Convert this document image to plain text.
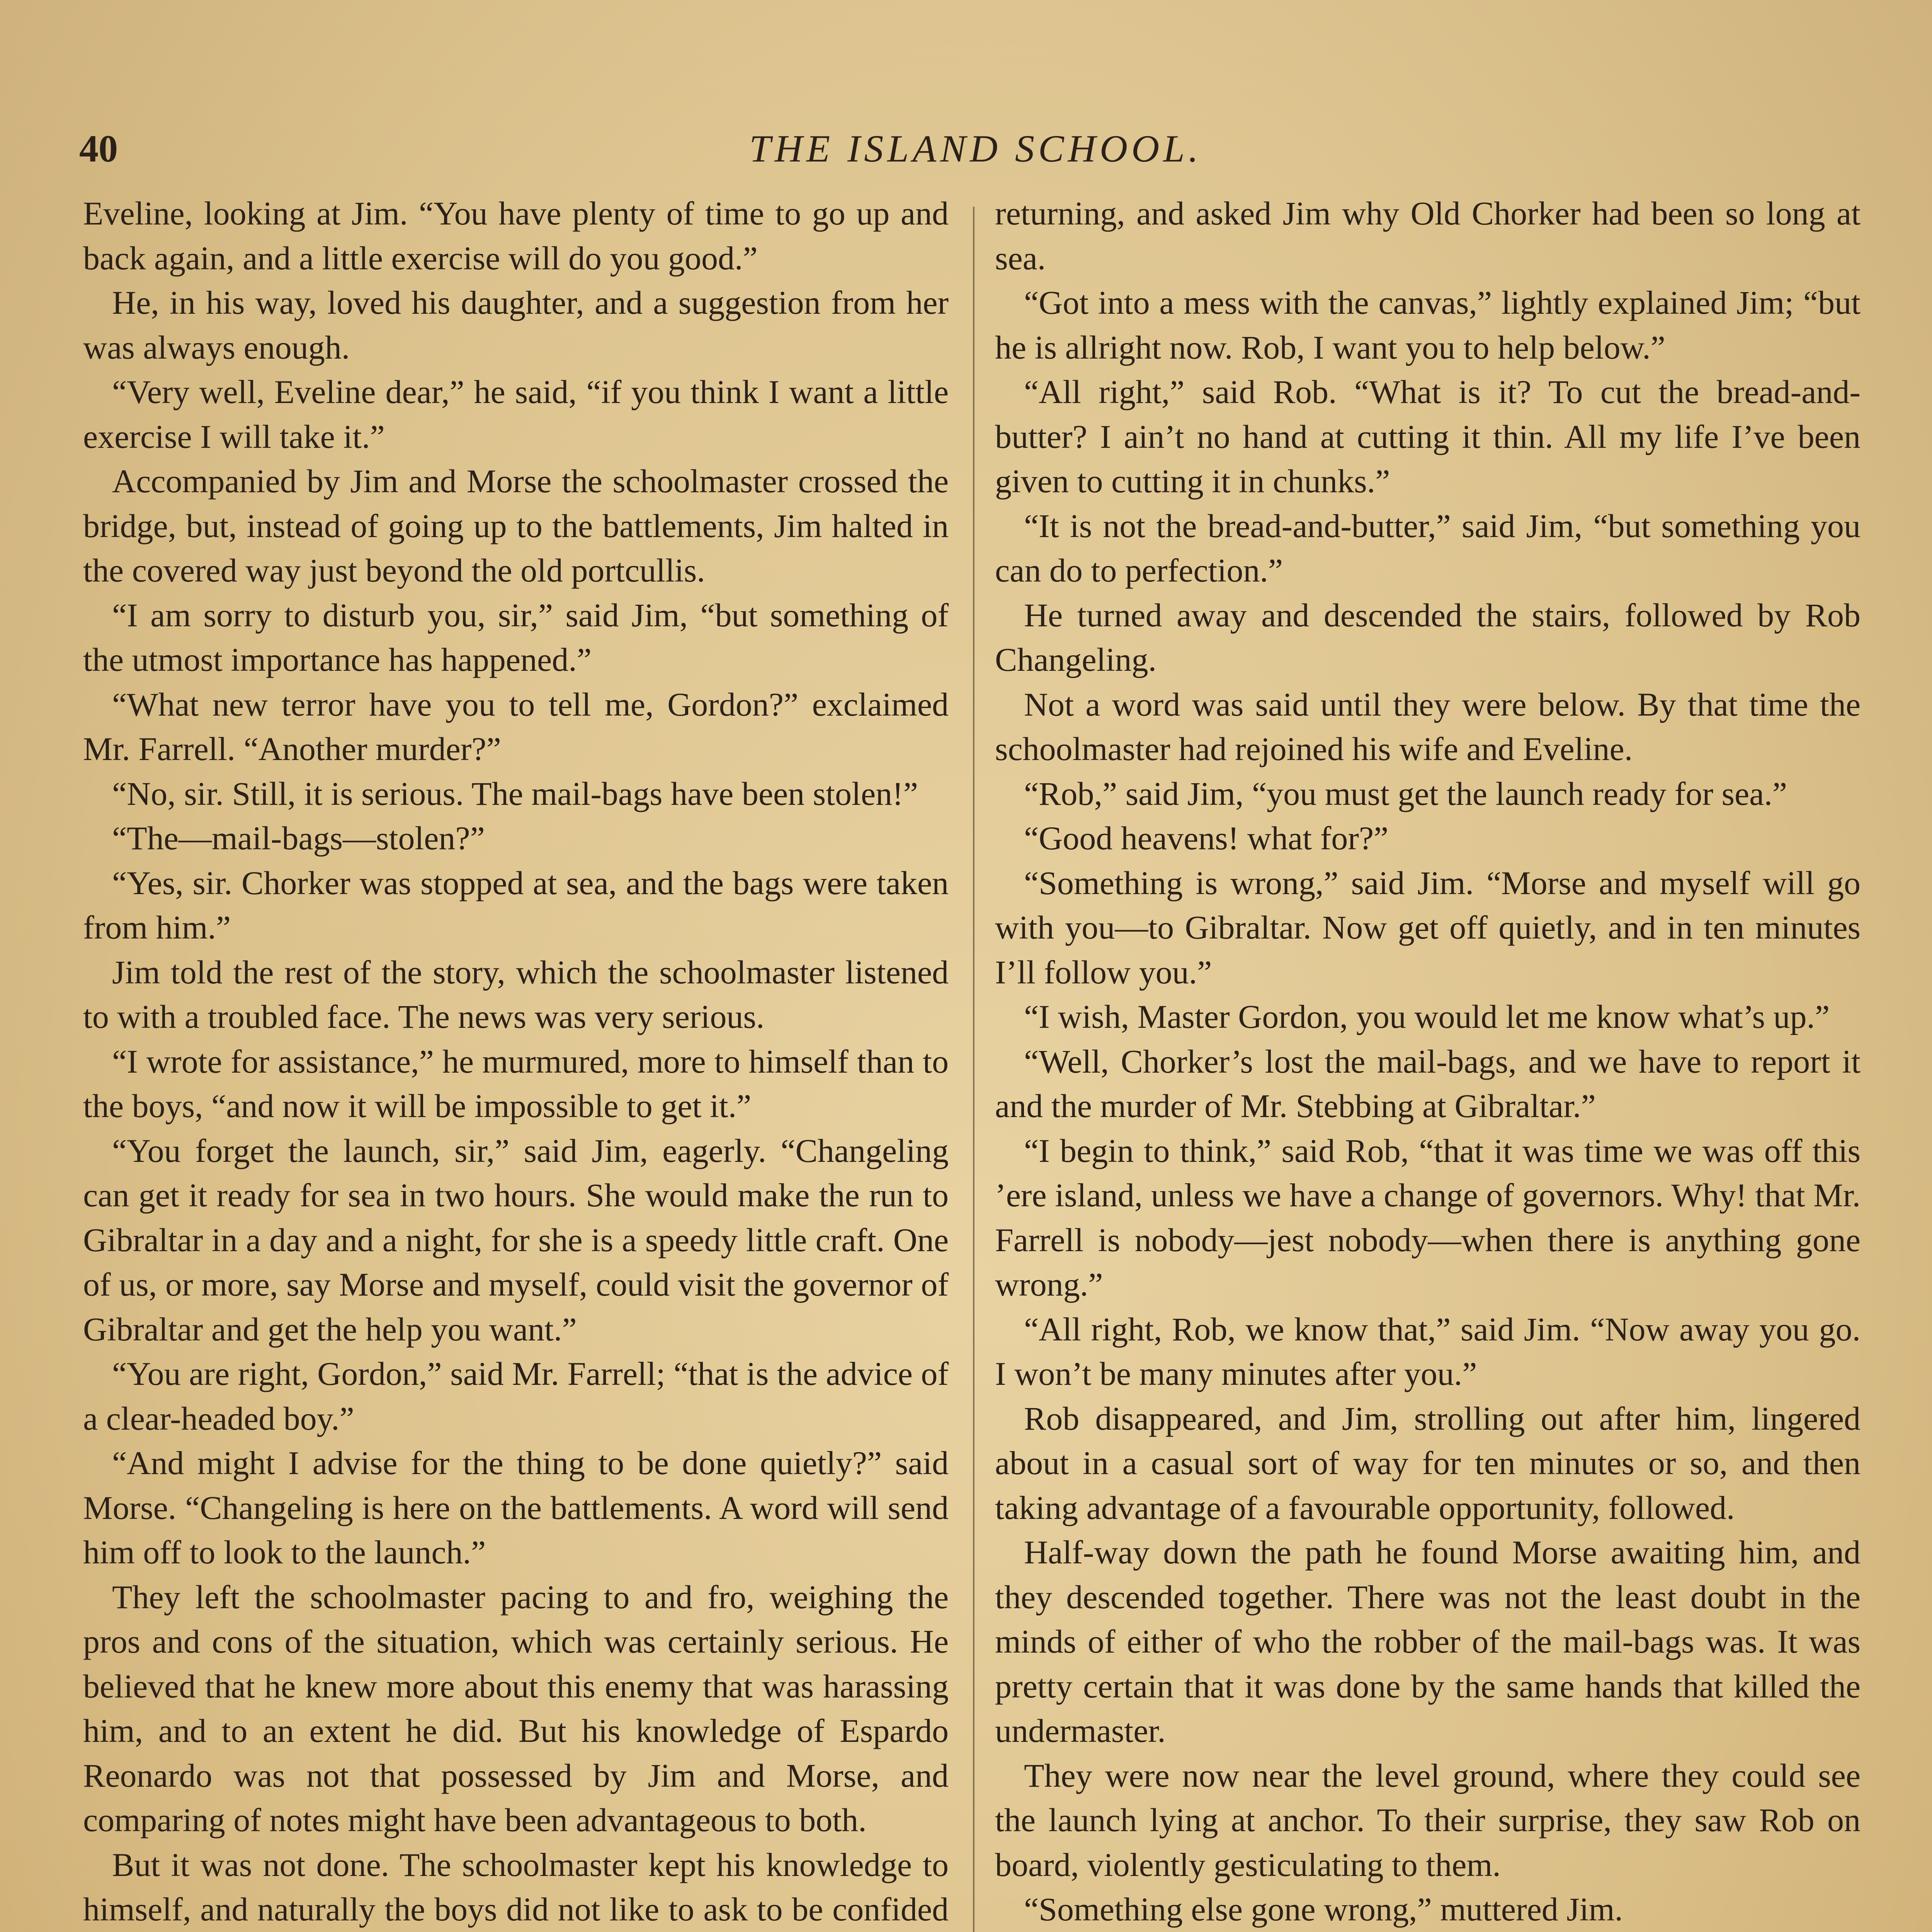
40	THE ISLAND SCHOOL.

Eveline, looking at Jim. “You have plenty of time to go up and back again, and a little exercise will do you good.”

He, in his way, loved his daughter, and a suggestion from her was always enough.

“Very well, Eveline dear,” he said, “if you think I want a little exercise I will take it.”

Accompanied by Jim and Morse the schoolmaster crossed the bridge, but, instead of going up to the battlements, Jim halted in the covered way just beyond the old portcullis.

“I am sorry to disturb you, sir,” said Jim, “but something of the utmost importance has happened.”

“What new terror have you to tell me, Gordon?” exclaimed Mr. Farrell. “Another murder?”

“No, sir. Still, it is serious. The mail-bags have been stolen!”

“The—mail-bags—stolen?”

“Yes, sir. Chorker was stopped at sea, and the bags were taken from him.”

Jim told the rest of the story, which the schoolmaster listened to with a troubled face. The news was very serious.

“I wrote for assistance,” he murmured, more to himself than to the boys, “and now it will be impossible to get it.”

“You forget the launch, sir,” said Jim, eagerly. “Changeling can get it ready for sea in two hours. She would make the run to Gibraltar in a day and a night, for she is a speedy little craft. One of us, or more, say Morse and myself, could visit the governor of Gibraltar and get the help you want.”

“You are right, Gordon,” said Mr. Farrell; “that is the advice of a clear-headed boy.”

“And might I advise for the thing to be done quietly?” said Morse. “Changeling is here on the battlements. A word will send him off to look to the launch.”

They left the schoolmaster pacing to and fro, weighing the pros and cons of the situation, which was certainly serious. He believed that he knew more about this enemy that was harassing him, and to an extent he did. But his knowledge of Espardo Reonardo was not that possessed by Jim and Morse, and comparing of notes might have been advantageous to both.

But it was not done. The schoolmaster kept his knowledge to himself, and naturally the boys did not like to ask to be confided

returning, and asked Jim why Old Chorker had been so long at sea.

“Got into a mess with the canvas,” lightly explained Jim; “but he is allright now. Rob, I want you to help below.”

“All right,” said Rob. “What is it? To cut the bread-and-butter? I ain’t no hand at cutting it thin. All my life I’ve been given to cutting it in chunks.”

“It is not the bread-and-butter,” said Jim, “but something you can do to perfection.”

He turned away and descended the stairs, followed by Rob Changeling.

Not a word was said until they were below. By that time the schoolmaster had rejoined his wife and Eveline.

“Rob,” said Jim, “you must get the launch ready for sea.”

“Good heavens! what for?”

“Something is wrong,” said Jim. “Morse and myself will go with you—to Gibraltar. Now get off quietly, and in ten minutes I’ll follow you.”

“I wish, Master Gordon, you would let me know what’s up.”

“Well, Chorker’s lost the mail-bags, and we have to report it and the murder of Mr. Stebbing at Gibraltar.”

“I begin to think,” said Rob, “that it was time we was off this ’ere island, unless we have a change of governors. Why! that Mr. Farrell is nobody—jest nobody—when there is anything gone wrong.”

“All right, Rob, we know that,” said Jim. “Now away you go. I won’t be many minutes after you.”

Rob disappeared, and Jim, strolling out after him, lingered about in a casual sort of way for ten minutes or so, and then taking advantage of a favourable opportunity, followed.

Half-way down the path he found Morse awaiting him, and they descended together. There was not the least doubt in the minds of either of who the robber of the mail-bags was. It was pretty certain that it was done by the same hands that killed the undermaster.

They were now near the level ground, where they could see the launch lying at anchor. To their surprise, they saw Rob on board, violently gesticulating to them.

“Something else gone wrong,” muttered Jim.
